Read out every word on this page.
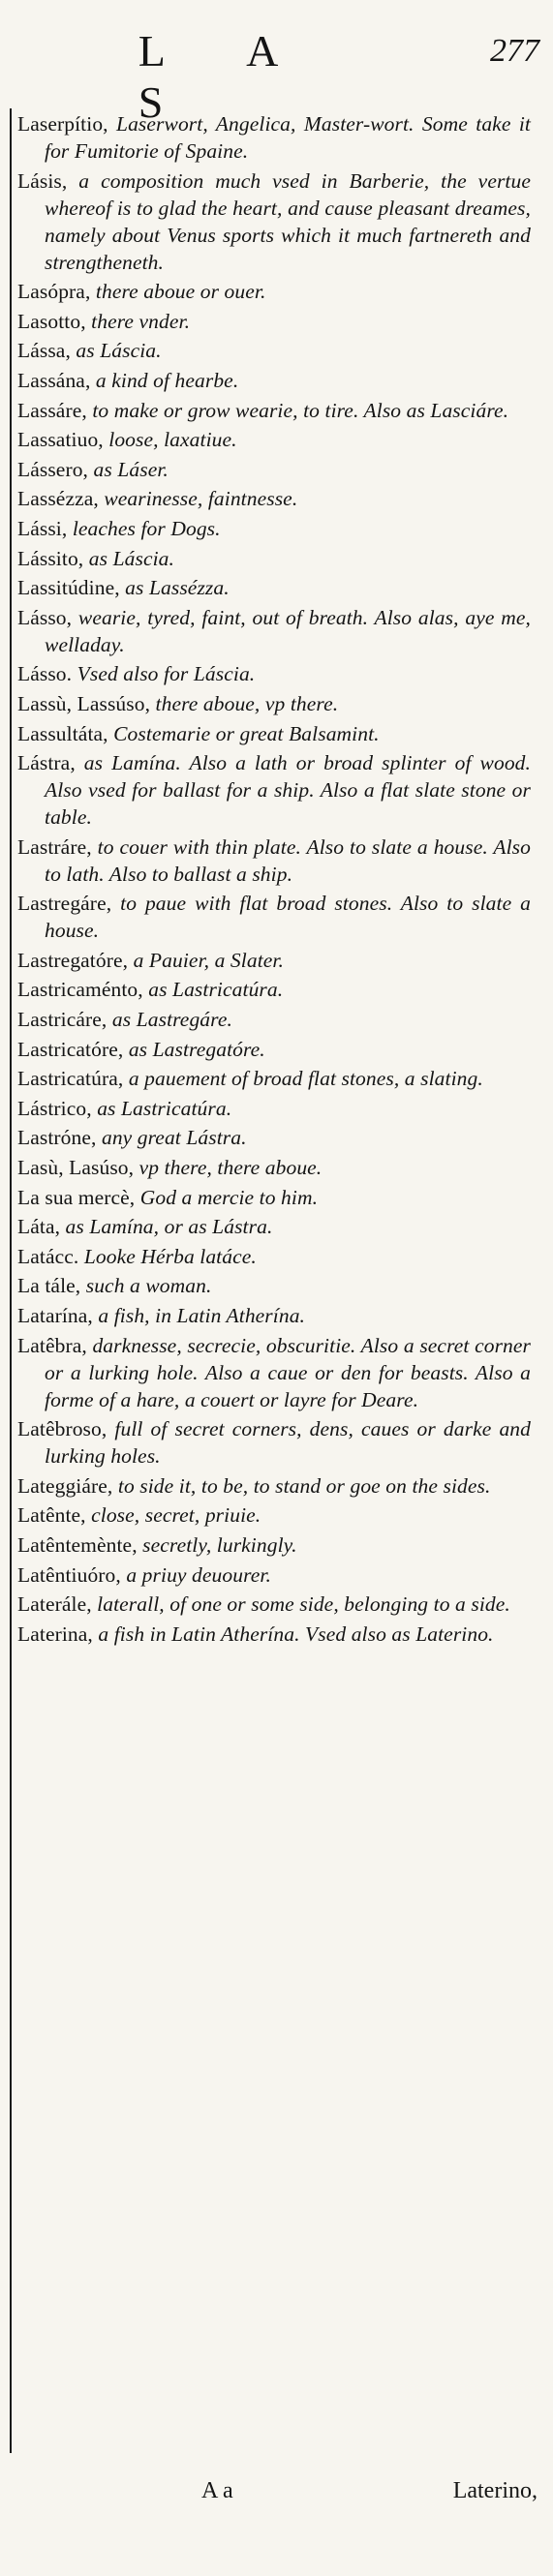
L A S
277

Laserpítio, Laserwort, Angelica, Master-wort. Some take it for Fumitorie of Spaine.

Lásis, a composition much vsed in Barberie, the vertue whereof is to glad the heart, and cause pleasant dreames, namely about Venus sports which it much fartnereth and strengtheneth.

Lasópra, there aboue or ouer.

Lasotto, there vnder.

Lássa, as Láscia.

Lassána, a kind of hearbe.

Lassáre, to make or grow wearie, to tire. Also as Lasciáre.

Lassatiuo, loose, laxatiue.

Lássero, as Láser.

Lassézza, wearinesse, faintnesse.

Lássi, leaches for Dogs.

Lássito, as Láscia.

Lassitúdine, as Lassézza.

Lásso, wearie, tyred, faint, out of breath. Also alas, aye me, welladay.

Lásso. Vsed also for Láscia.

Lassù, Lassúso, there aboue, vp there.

Lassultáta, Costemarie or great Balsamint.

Lástra, as Lamína. Also a lath or broad splinter of wood. Also vsed for ballast for a ship. Also a flat slate stone or table.

Lastráre, to couer with thin plate. Also to slate a house. Also to lath. Also to ballast a ship.

Lastregáre, to paue with flat broad stones. Also to slate a house.

Lastregatóre, a Pauier, a Slater.

Lastricaménto, as Lastricatúra.

Lastricáre, as Lastregáre.

Lastricatóre, as Lastregatóre.

Lastricatúra, a pauement of broad flat stones, a slating.

Lástrico, as Lastricatúra.

Lastróne, any great Lástra.

Lasù, Lasúso, vp there, there aboue.

La sua mercè, God a mercie to him.

Láta, as Lamína, or as Lástra.

Latácc. Looke Hérba latáce.

La tále, such a woman.

Latarína, a fish, in Latin Atherína.

Latêbra, darknesse, secrecie, obscuritie. Also a secret corner or a lurking hole. Also a caue or den for beasts. Also a forme of a hare, a couert or layre for Deare.

Latêbroso, full of secret corners, dens, caues or darke and lurking holes.

Lateggiáre, to side it, to be, to stand or goe on the sides.

Latênte, close, secret, priuie.

Latêntemènte, secretly, lurkingly.

Latêntiuóro, a priuy deuourer.

Laterále, laterall, of one or some side, belonging to a side.

Laterina, a fish in Latin Atherína. Vsed also as Laterino.

A a	Laterino,
